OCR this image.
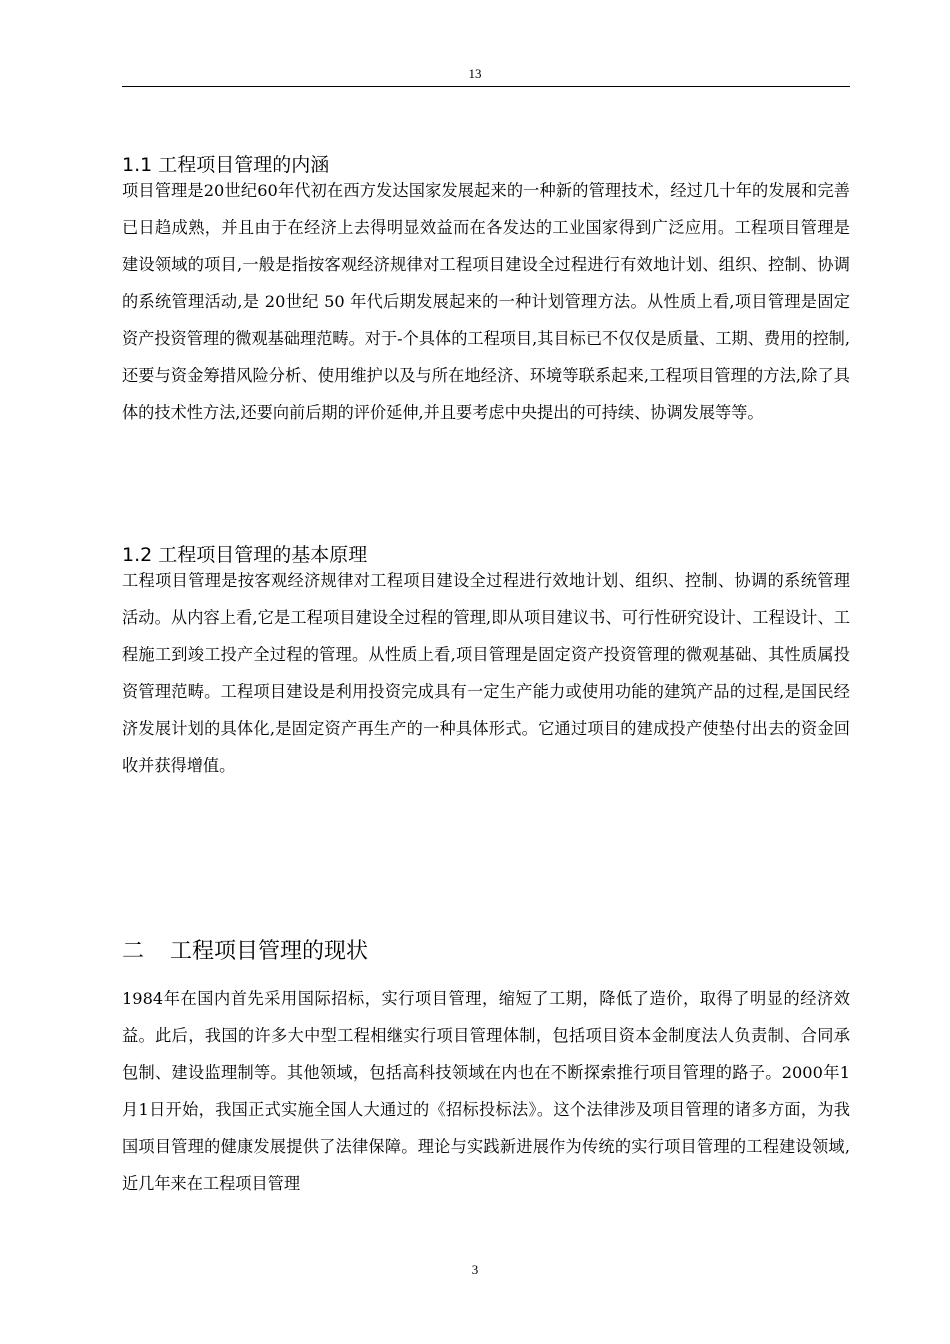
13
1.1 工程项目管理的内涵
项目管理是20世纪60年代初在西方发达国家发展起来的一种新的管理技术，经过几十年的发展和完善已日趋成熟，并且由于在经济上去得明显效益而在各发达的工业国家得到广泛应用。工程项目管理是建设领域的项目,一般是指按客观经济规律对工程项目建设全过程进行有效地计划、组织、控制、协调的系统管理活动,是 20世纪 50 年代后期发展起来的一种计划管理方法。从性质上看,项目管理是固定资产投资管理的微观基础理范畴。对于-个具体的工程项目,其目标已不仅仅是质量、工期、费用的控制,还要与资金筹措风险分析、使用维护以及与所在地经济、环境等联系起来,工程项目管理的方法,除了具体的技术性方法,还要向前后期的评价延伸,并且要考虑中央提出的可持续、协调发展等等。
1.2 工程项目管理的基本原理
工程项目管理是按客观经济规律对工程项目建设全过程进行效地计划、组织、控制、协调的系统管理活动。从内容上看,它是工程项目建设全过程的管理,即从项目建议书、可行性研究设计、工程设计、工程施工到竣工投产全过程的管理。从性质上看,项目管理是固定资产投资管理的微观基础、其性质属投资管理范畴。工程项目建设是利用投资完成具有一定生产能力或使用功能的建筑产品的过程,是国民经济发展计划的具体化,是固定资产再生产的一种具体形式。它通过项目的建成投产使垫付出去的资金回收并获得增值。
二 工程项目管理的现状
1984年在国内首先采用国际招标，实行项目管理，缩短了工期，降低了造价，取得了明显的经济效益。此后，我国的许多大中型工程相继实行项目管理体制，包括项目资本金制度法人负责制、合同承包制、建设监理制等。其他领域，包括高科技领域在内也在不断探索推行项目管理的路子。2000年1月1日开始，我国正式实施全国人大通过的《招标投标法》。这个法律涉及项目管理的诸多方面，为我国项目管理的健康发展提供了法律保障。理论与实践新进展作为传统的实行项目管理的工程建设领域,近几年来在工程项目管理
3
